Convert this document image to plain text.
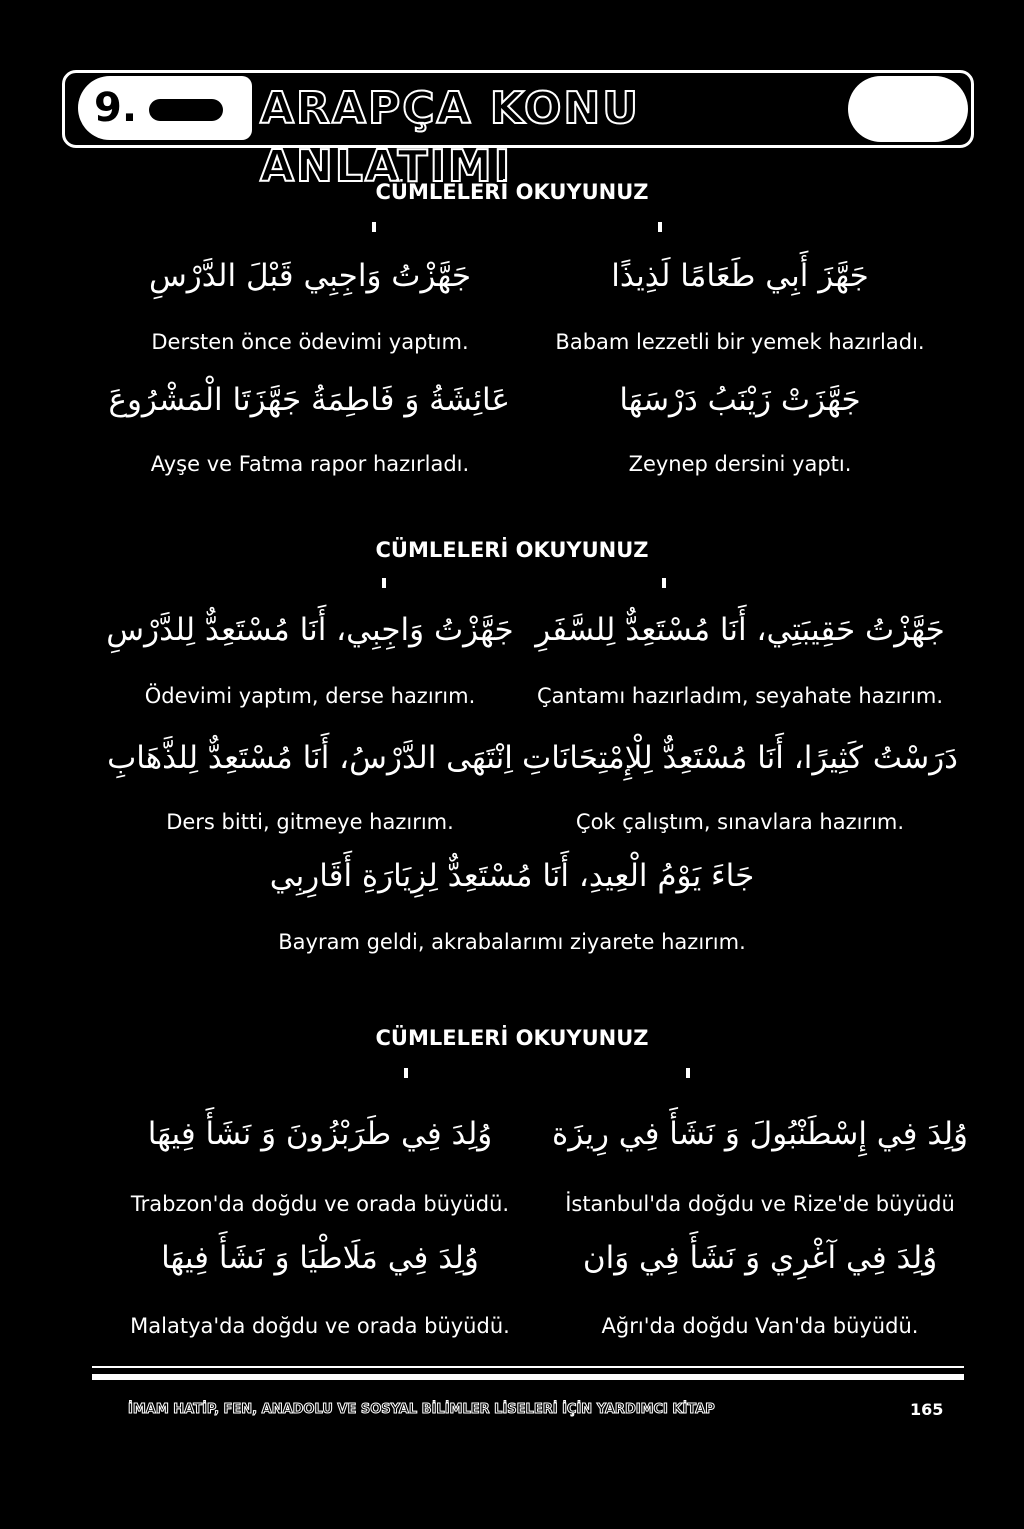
9.	ARAPÇA KONU ANLATIMI
CÜMLELERİ OKUYUNUZ
جَهَّزَ أَبِي طَعَامًا لَذِيذًا
Babam lezzetli bir yemek hazırladı.
جَهَّزْتُ وَاجِبِي قَبْلَ الدَّرْسِ
Dersten önce ödevimi yaptım.
جَهَّزَتْ زَيْنَبُ دَرْسَهَا
Zeynep dersini yaptı.
عَائِشَةُ وَ فَاطِمَةُ جَهَّزَتَا الْمَشْرُوعَ
Ayşe ve Fatma rapor hazırladı.
CÜMLELERİ OKUYUNUZ
جَهَّزْتُ حَقِيبَتِي، أَنَا مُسْتَعِدٌّ لِلسَّفَرِ
Çantamı hazırladım, seyahate hazırım.
جَهَّزْتُ وَاجِبِي، أَنَا مُسْتَعِدٌّ لِلدَّرْسِ
Ödevimi yaptım, derse hazırım.
دَرَسْتُ كَثِيرًا، أَنَا مُسْتَعِدٌّ لِلْإِمْتِحَانَاتِ
Çok çalıştım, sınavlara hazırım.
اِنْتَهَى الدَّرْسُ، أَنَا مُسْتَعِدٌّ لِلذَّهَابِ
Ders bitti, gitmeye hazırım.
جَاءَ يَوْمُ الْعِيدِ، أَنَا مُسْتَعِدٌّ لِزِيَارَةِ أَقَارِبِي
Bayram geldi, akrabalarımı ziyarete hazırım.
CÜMLELERİ OKUYUNUZ
وُلِدَ فِي إِسْطَنْبُولَ وَ نَشَأَ فِي رِيزَة
İstanbul'da doğdu ve Rize'de büyüdü
وُلِدَ فِي طَرَبْزُونَ وَ نَشَأَ فِيهَا
Trabzon'da doğdu ve orada büyüdü.
وُلِدَ فِي آغْرِي وَ نَشَأَ فِي وَان
Ağrı'da doğdu Van'da büyüdü.
وُلِدَ فِي مَلَاطْيَا وَ نَشَأَ فِيهَا
Malatya'da doğdu ve orada büyüdü.
İMAM HATİP, FEN, ANADOLU VE SOSYAL BİLİMLER LİSELERİ İÇİN YARDIMCI KİTAP	165
